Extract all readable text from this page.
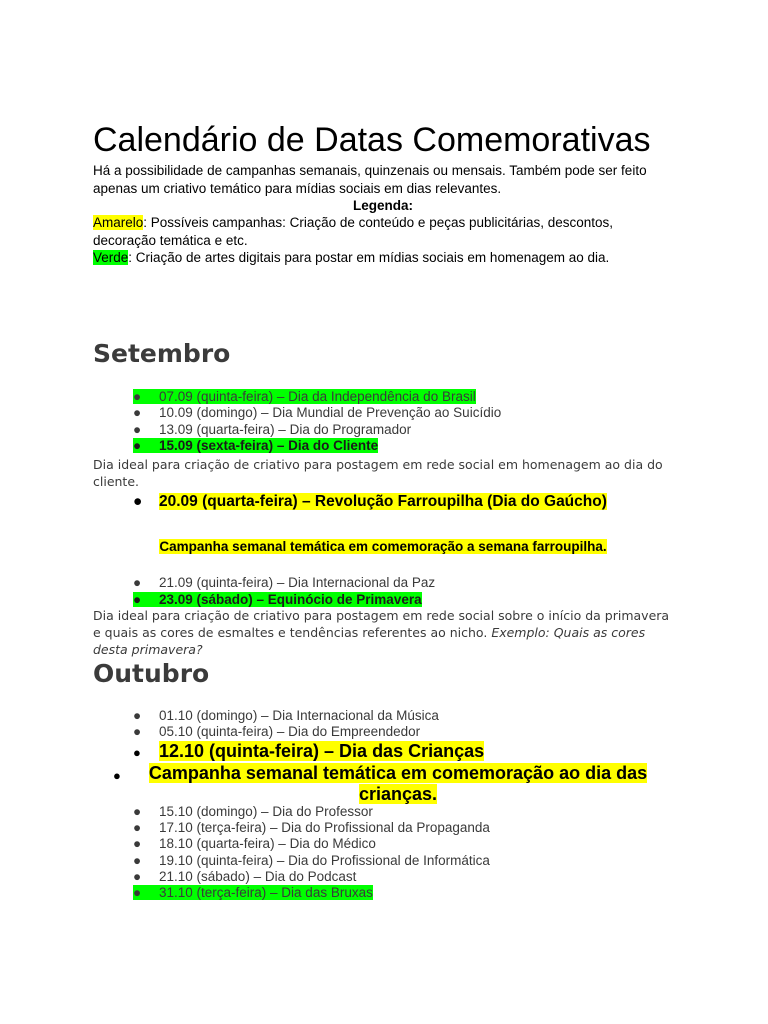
Calendário de Datas Comemorativas
Há a possibilidade de campanhas semanais, quinzenais ou mensais. Também pode ser feito apenas um criativo temático para mídias sociais em dias relevantes.
Legenda:
Amarelo: Possíveis campanhas: Criação de conteúdo e peças publicitárias, descontos, decoração temática e etc.
Verde: Criação de artes digitais para postar em mídias sociais em homenagem ao dia.
Setembro
● 07.09 (quinta-feira) – Dia da Independência do Brasil
● 10.09 (domingo) – Dia Mundial de Prevenção ao Suicídio
● 13.09 (quarta-feira) – Dia do Programador
● 15.09 (sexta-feira) – Dia do Cliente
Dia ideal para criação de criativo para postagem em rede social em homenagem ao dia do cliente.
● 20.09 (quarta-feira) – Revolução Farroupilha (Dia do Gaúcho)
Campanha semanal temática em comemoração a semana farroupilha.
● 21.09 (quinta-feira) – Dia Internacional da Paz
● 23.09 (sábado) – Equinócio de Primavera
Dia ideal para criação de criativo para postagem em rede social sobre o início da primavera e quais as cores de esmaltes e tendências referentes ao nicho. Exemplo: Quais as cores desta primavera?
Outubro
● 01.10 (domingo) – Dia Internacional da Música
● 05.10 (quinta-feira) – Dia do Empreendedor
● 12.10 (quinta-feira) – Dia das Crianças
●	Campanha semanal temática em comemoração ao dia das
crianças.
● 15.10 (domingo) – Dia do Professor
● 17.10 (terça-feira) – Dia do Profissional da Propaganda
● 18.10 (quarta-feira) – Dia do Médico
● 19.10 (quinta-feira) – Dia do Profissional de Informática
● 21.10 (sábado) – Dia do Podcast
● 31.10 (terça-feira) – Dia das Bruxas
